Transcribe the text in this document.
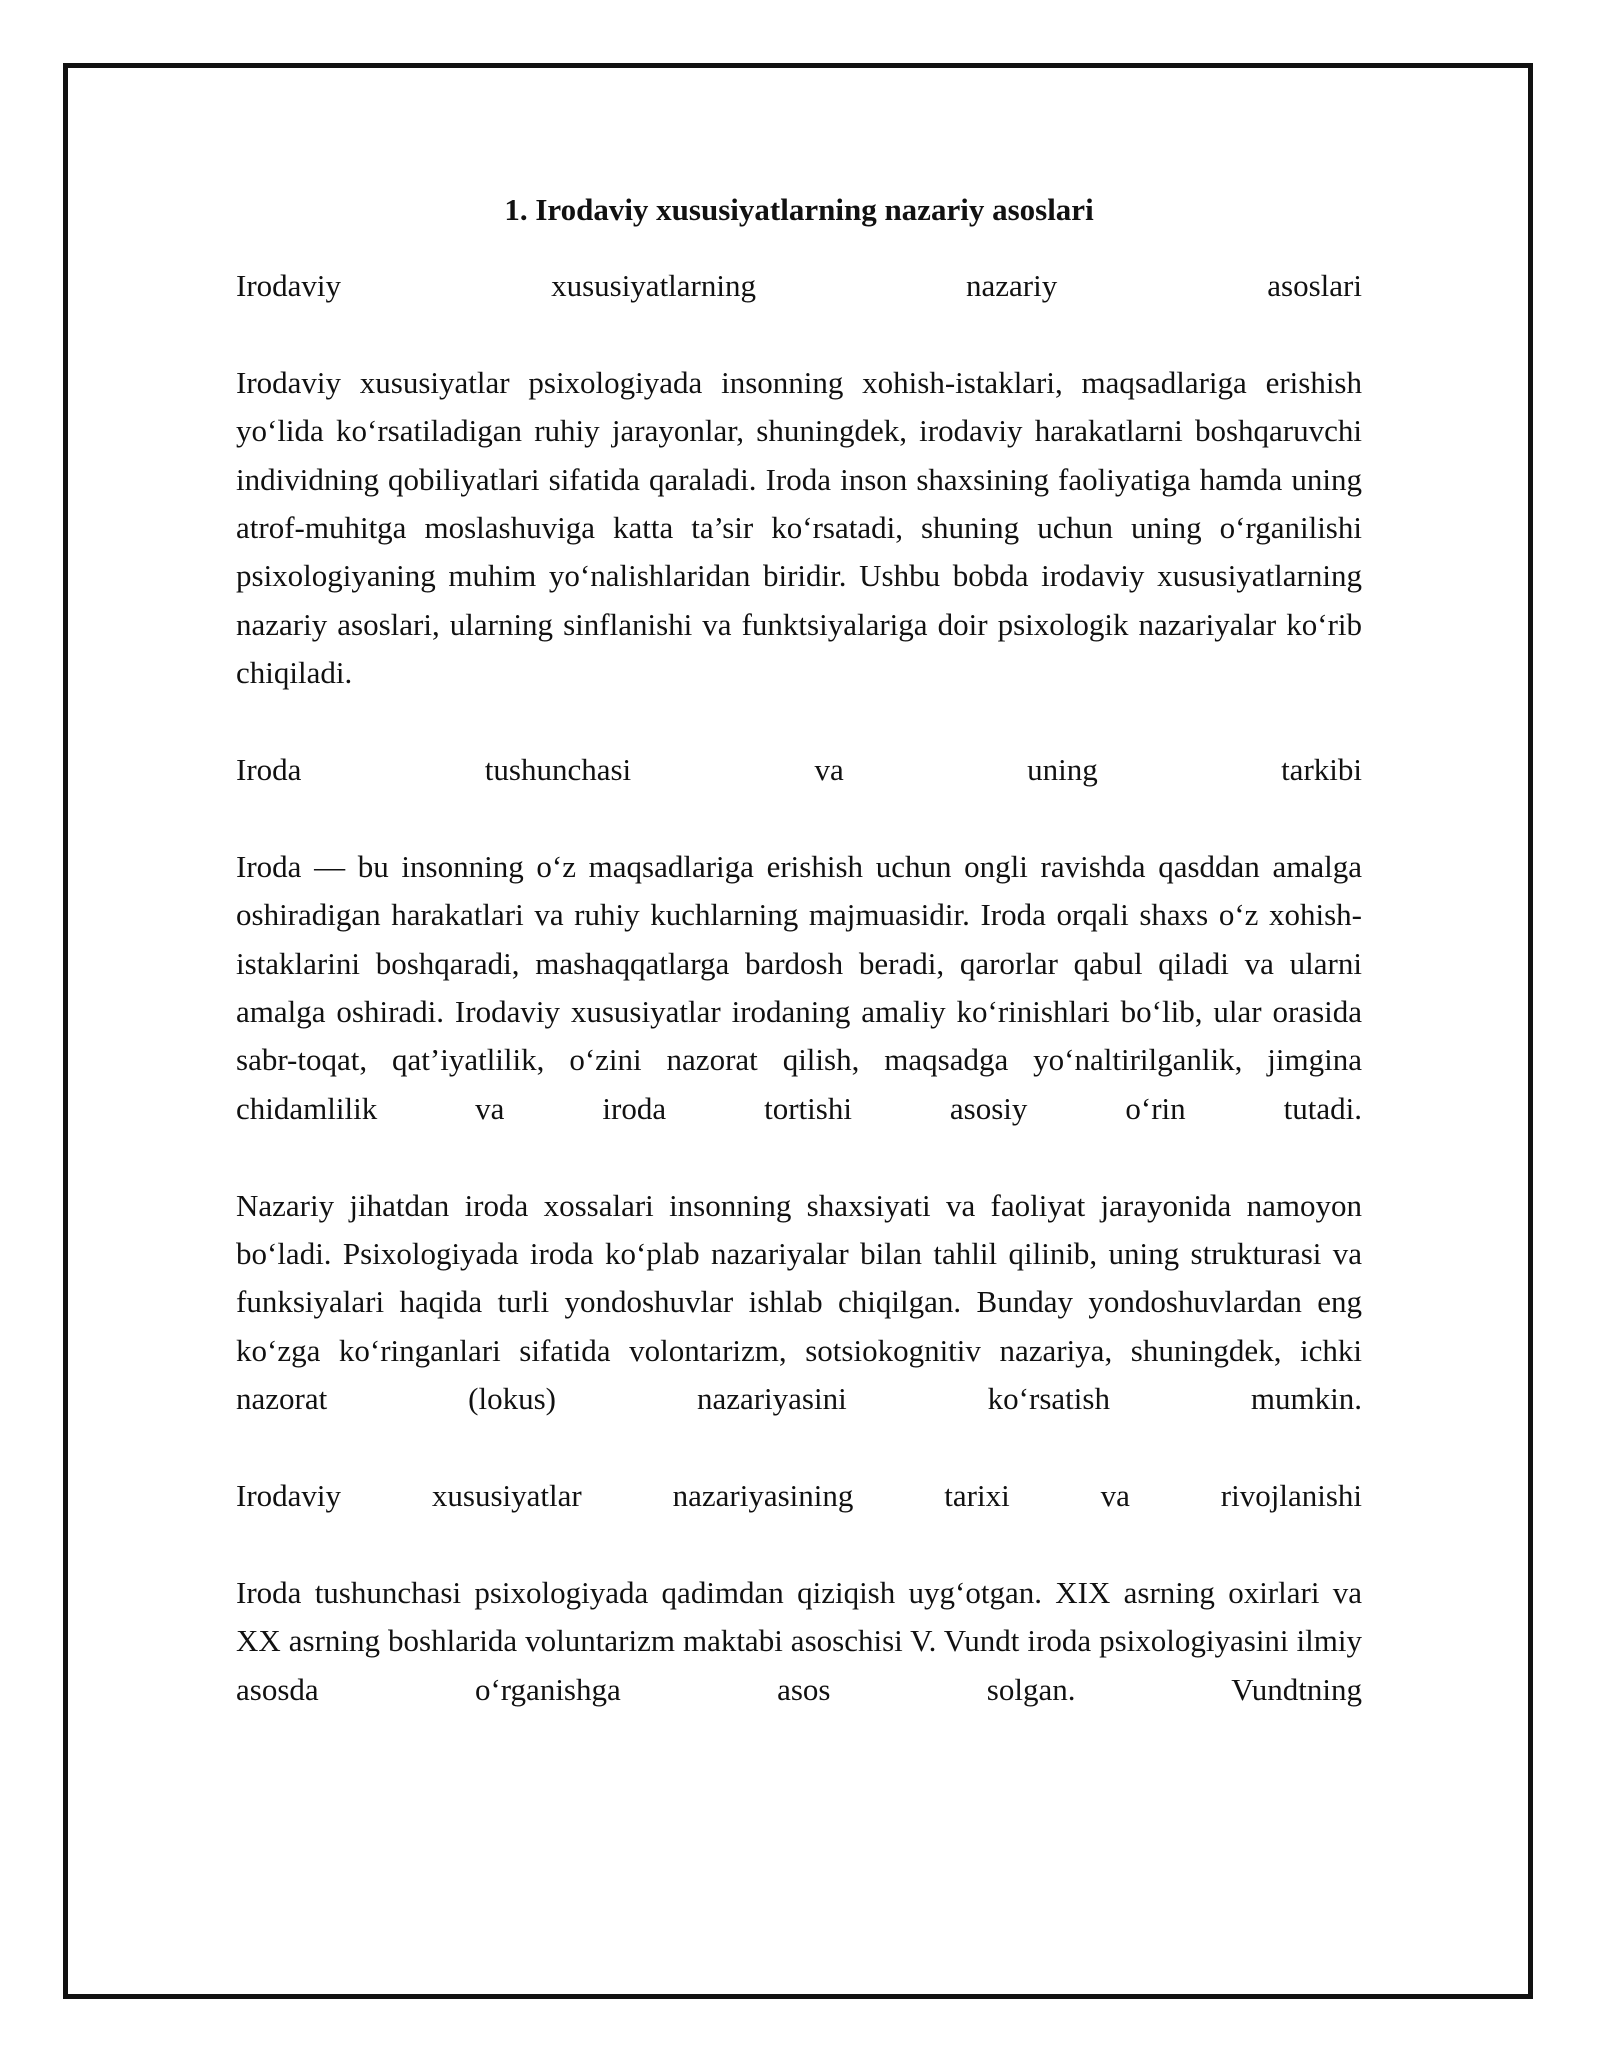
1. Irodaviy xususiyatlarning nazariy asoslari

Irodaviy xususiyatlarning nazariy asoslari

Irodaviy xususiyatlar psixologiyada insonning xohish-istaklari, maqsadlariga erishish yo‘lida ko‘rsatiladigan ruhiy jarayonlar, shuningdek, irodaviy harakatlarni boshqaruvchi individning qobiliyatlari sifatida qaraladi. Iroda inson shaxsining faoliyatiga hamda uning atrof-muhitga moslashuviga katta ta’sir ko‘rsatadi, shuning uchun uning o‘rganilishi psixologiyaning muhim yo‘nalishlaridan biridir. Ushbu bobda irodaviy xususiyatlarning nazariy asoslari, ularning sinflanishi va funktsiyalariga doir psixologik nazariyalar ko‘rib chiqiladi.

Iroda tushunchasi va uning tarkibi

Iroda — bu insonning o‘z maqsadlariga erishish uchun ongli ravishda qasddan amalga oshiradigan harakatlari va ruhiy kuchlarning majmuasidir. Iroda orqali shaxs o‘z xohish-istaklarini boshqaradi, mashaqqatlarga bardosh beradi, qarorlar qabul qiladi va ularni amalga oshiradi. Irodaviy xususiyatlar irodaning amaliy ko‘rinishlari bo‘lib, ular orasida sabr-toqat, qat’iyatlilik, o‘zini nazorat qilish, maqsadga yo‘naltirilganlik, jimgina chidamlilik va iroda tortishi asosiy o‘rin tutadi.

Nazariy jihatdan iroda xossalari insonning shaxsiyati va faoliyat jarayonida namoyon bo‘ladi. Psixologiyada iroda ko‘plab nazariyalar bilan tahlil qilinib, uning strukturasi va funksiyalari haqida turli yondoshuvlar ishlab chiqilgan. Bunday yondoshuvlardan eng ko‘zga ko‘ringanlari sifatida volontarizm, sotsiokognitiv nazariya, shuningdek, ichki nazorat (lokus) nazariyasini ko‘rsatish mumkin.

Irodaviy xususiyatlar nazariyasining tarixi va rivojlanishi

Iroda tushunchasi psixologiyada qadimdan qiziqish uyg‘otgan. XIX asrning oxirlari va XX asrning boshlarida voluntarizm maktabi asoschisi V. Vundt iroda psixologiyasini ilmiy asosda o‘rganishga asos solgan. Vundtning
